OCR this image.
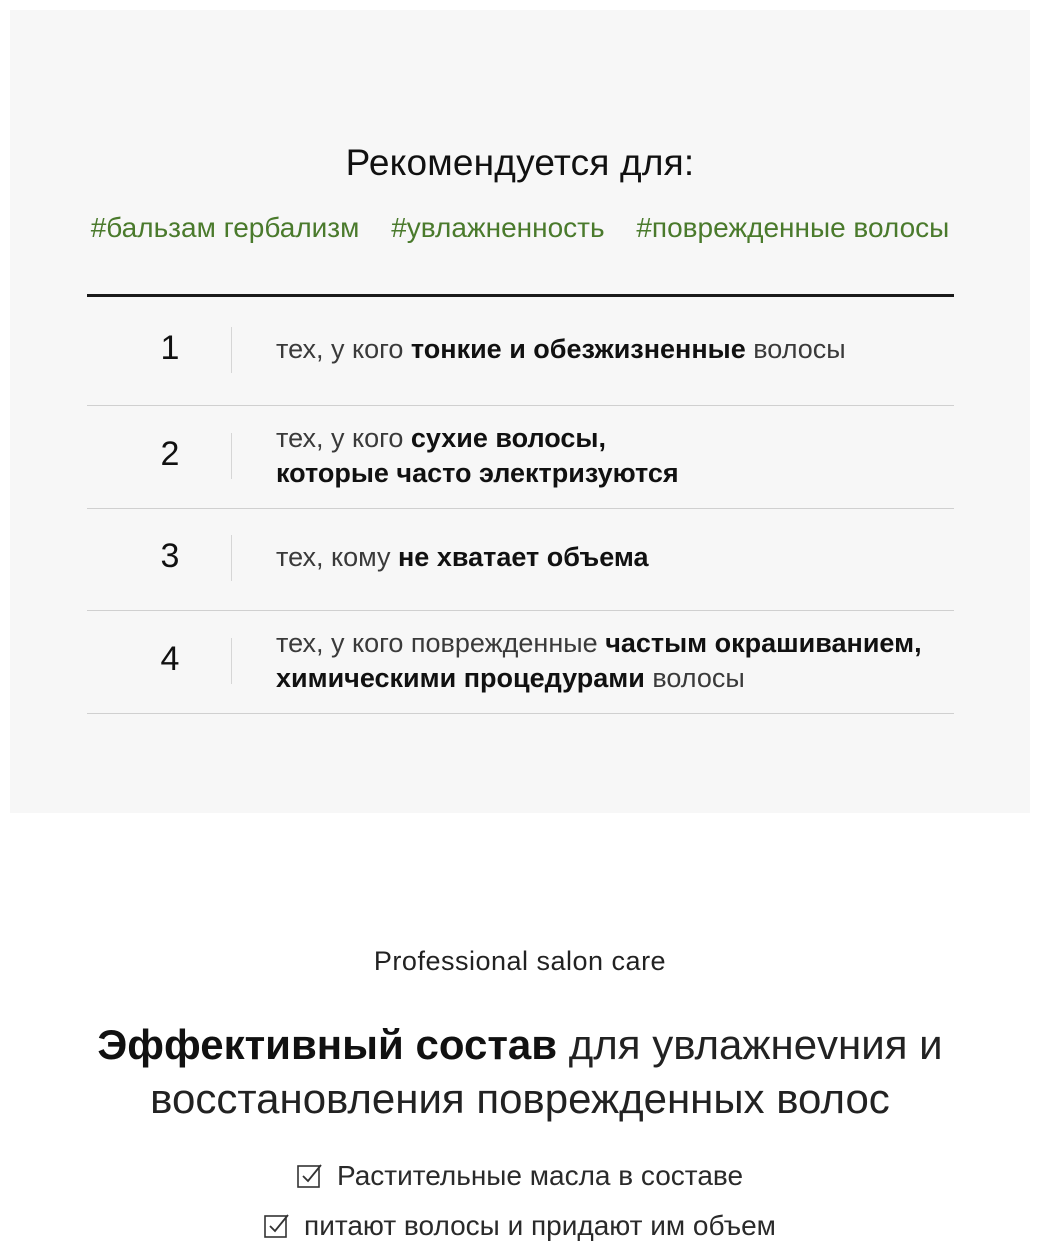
Рекомендуется для:
#бальзам гербализм #увлажненность #поврежденные волосы
1	тех, у кого тонкие и обезжизненные волосы
2	тех, у кого сухие волосы,
которые часто электризуются
3	тех, кому не хватает объема
4	тех, у кого поврежденные частым окрашиванием,
химическими процедурами волосы
Professional salon care
Эффективный состав для увлажнеvния и
восстановления поврежденных волос
Растительные масла в составе
питают волосы и придают им объем
